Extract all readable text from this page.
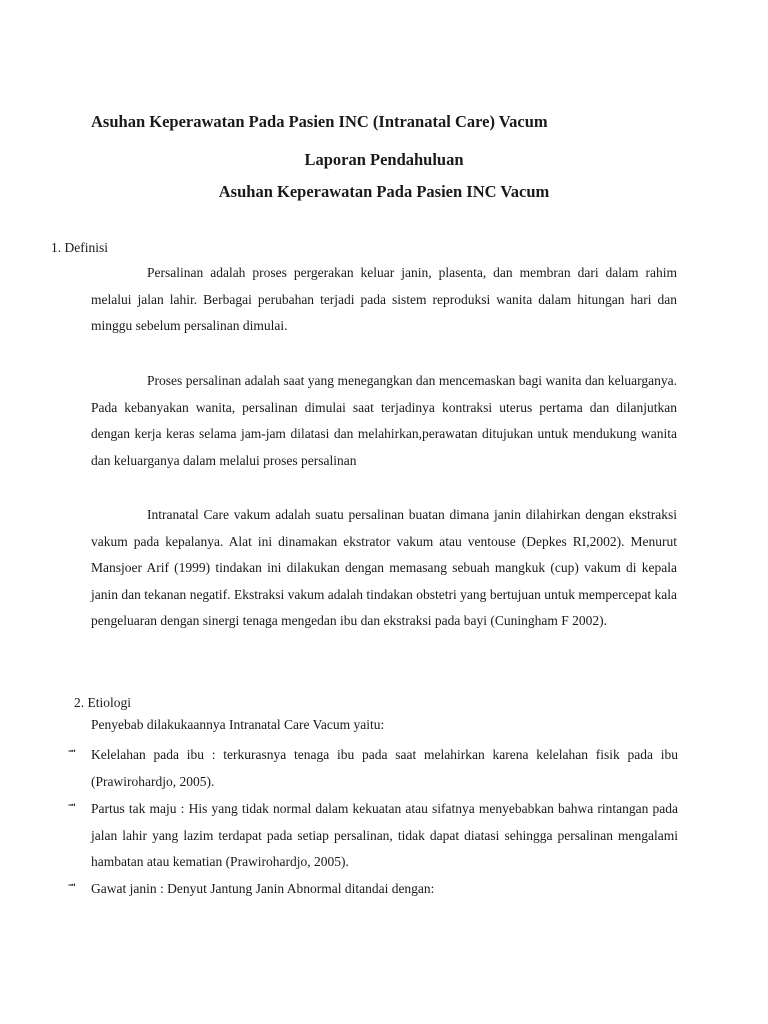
Asuhan Keperawatan Pada Pasien INC (Intranatal Care) Vacum
Laporan Pendahuluan
Asuhan Keperawatan Pada Pasien INC Vacum
1. Definisi

Persalinan adalah proses pergerakan keluar janin, plasenta, dan membran dari dalam rahim melalui jalan lahir. Berbagai perubahan terjadi pada sistem reproduksi wanita dalam hitungan hari dan minggu sebelum persalinan dimulai.

Proses persalinan adalah saat yang menegangkan dan mencemaskan bagi wanita dan keluarganya. Pada kebanyakan wanita, persalinan dimulai saat terjadinya kontraksi uterus pertama dan dilanjutkan dengan kerja keras selama jam-jam dilatasi dan melahirkan,perawatan ditujukan untuk mendukung wanita dan keluarganya dalam melalui proses persalinan

Intranatal Care vakum adalah suatu persalinan buatan dimana janin dilahirkan dengan ekstraksi vakum pada kepalanya. Alat ini dinamakan ekstrator vakum atau ventouse (Depkes RI,2002). Menurut Mansjoer Arif (1999) tindakan ini dilakukan dengan memasang sebuah mangkuk (cup) vakum di kepala janin dan tekanan negatif. Ekstraksi vakum adalah tindakan obstetri yang bertujuan untuk mempercepat kala pengeluaran dengan sinergi tenaga mengedan ibu dan ekstraksi pada bayi (Cuningham F 2002).

2. Etiologi
Penyebab dilakukaannya Intranatal Care Vacum yaitu:
⭲ Kelelahan pada ibu : terkurasnya tenaga ibu pada saat melahirkan karena kelelahan fisik pada ibu (Prawirohardjo, 2005).

⭲ Partus tak maju : His yang tidak normal dalam kekuatan atau sifatnya menyebabkan bahwa rintangan pada jalan lahir yang lazim terdapat pada setiap persalinan, tidak dapat diatasi sehingga persalinan mengalami hambatan atau kematian (Prawirohardjo, 2005).

⭲ Gawat janin : Denyut Jantung Janin Abnormal ditandai dengan:
